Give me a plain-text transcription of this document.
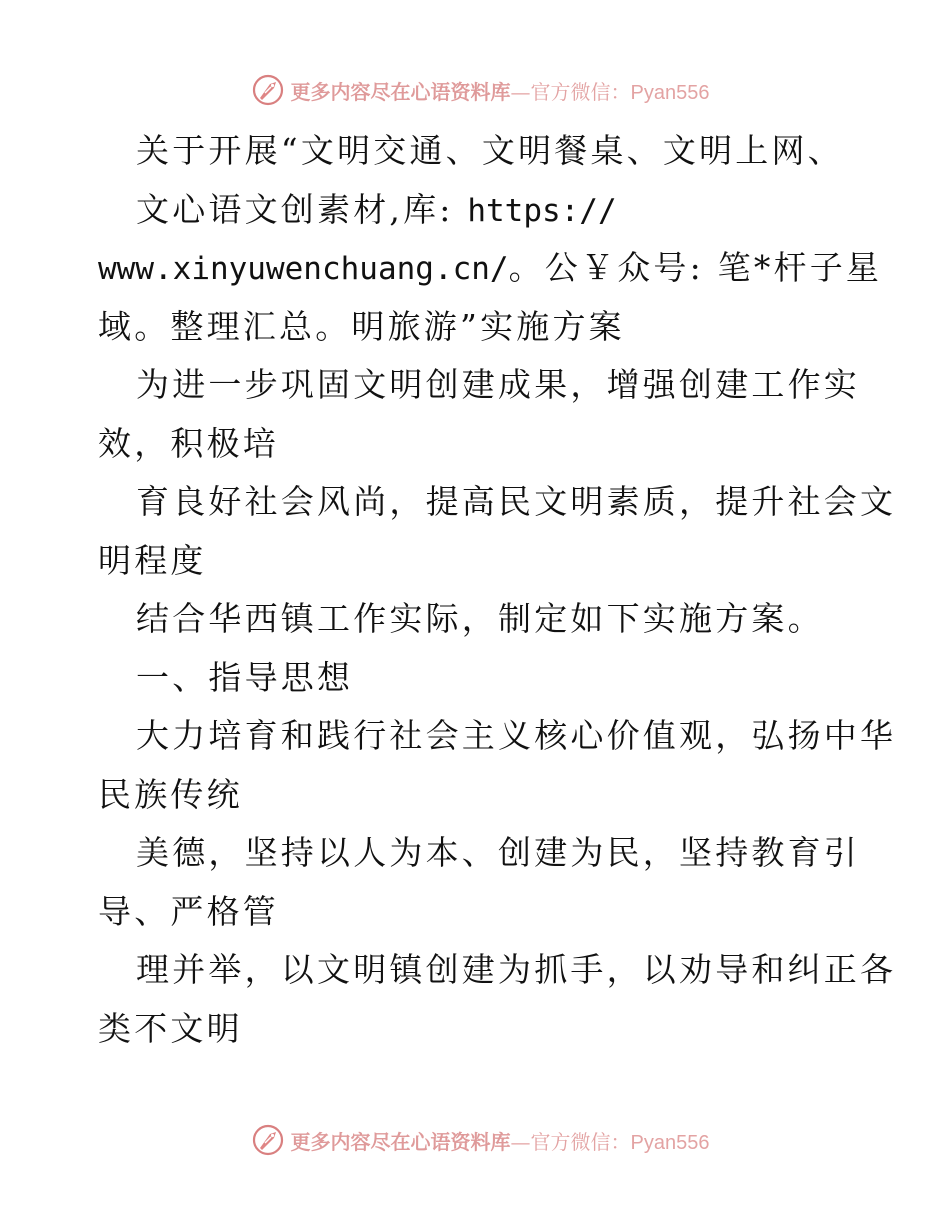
更多内容尽在心语资料库—官方微信：Pyan556
关于开展“文明交通、文明餐桌、文明上网、
文心语文创素材,库: https://
www.xinyuwenchuang.cn/。公￥众号: 笔*杆子星
域。整理汇总。明旅游”实施方案
为进一步巩固文明创建成果，增强创建工作实
效，积极培
育良好社会风尚，提高民文明素质，提升社会文
明程度
结合华西镇工作实际，制定如下实施方案。
一、指导思想
大力培育和践行社会主义核心价值观，弘扬中华
民族传统
美德，坚持以人为本、创建为民，坚持教育引
导、严格管
理并举，以文明镇创建为抓手，以劝导和纠正各
类不文明
更多内容尽在心语资料库—官方微信：Pyan556
